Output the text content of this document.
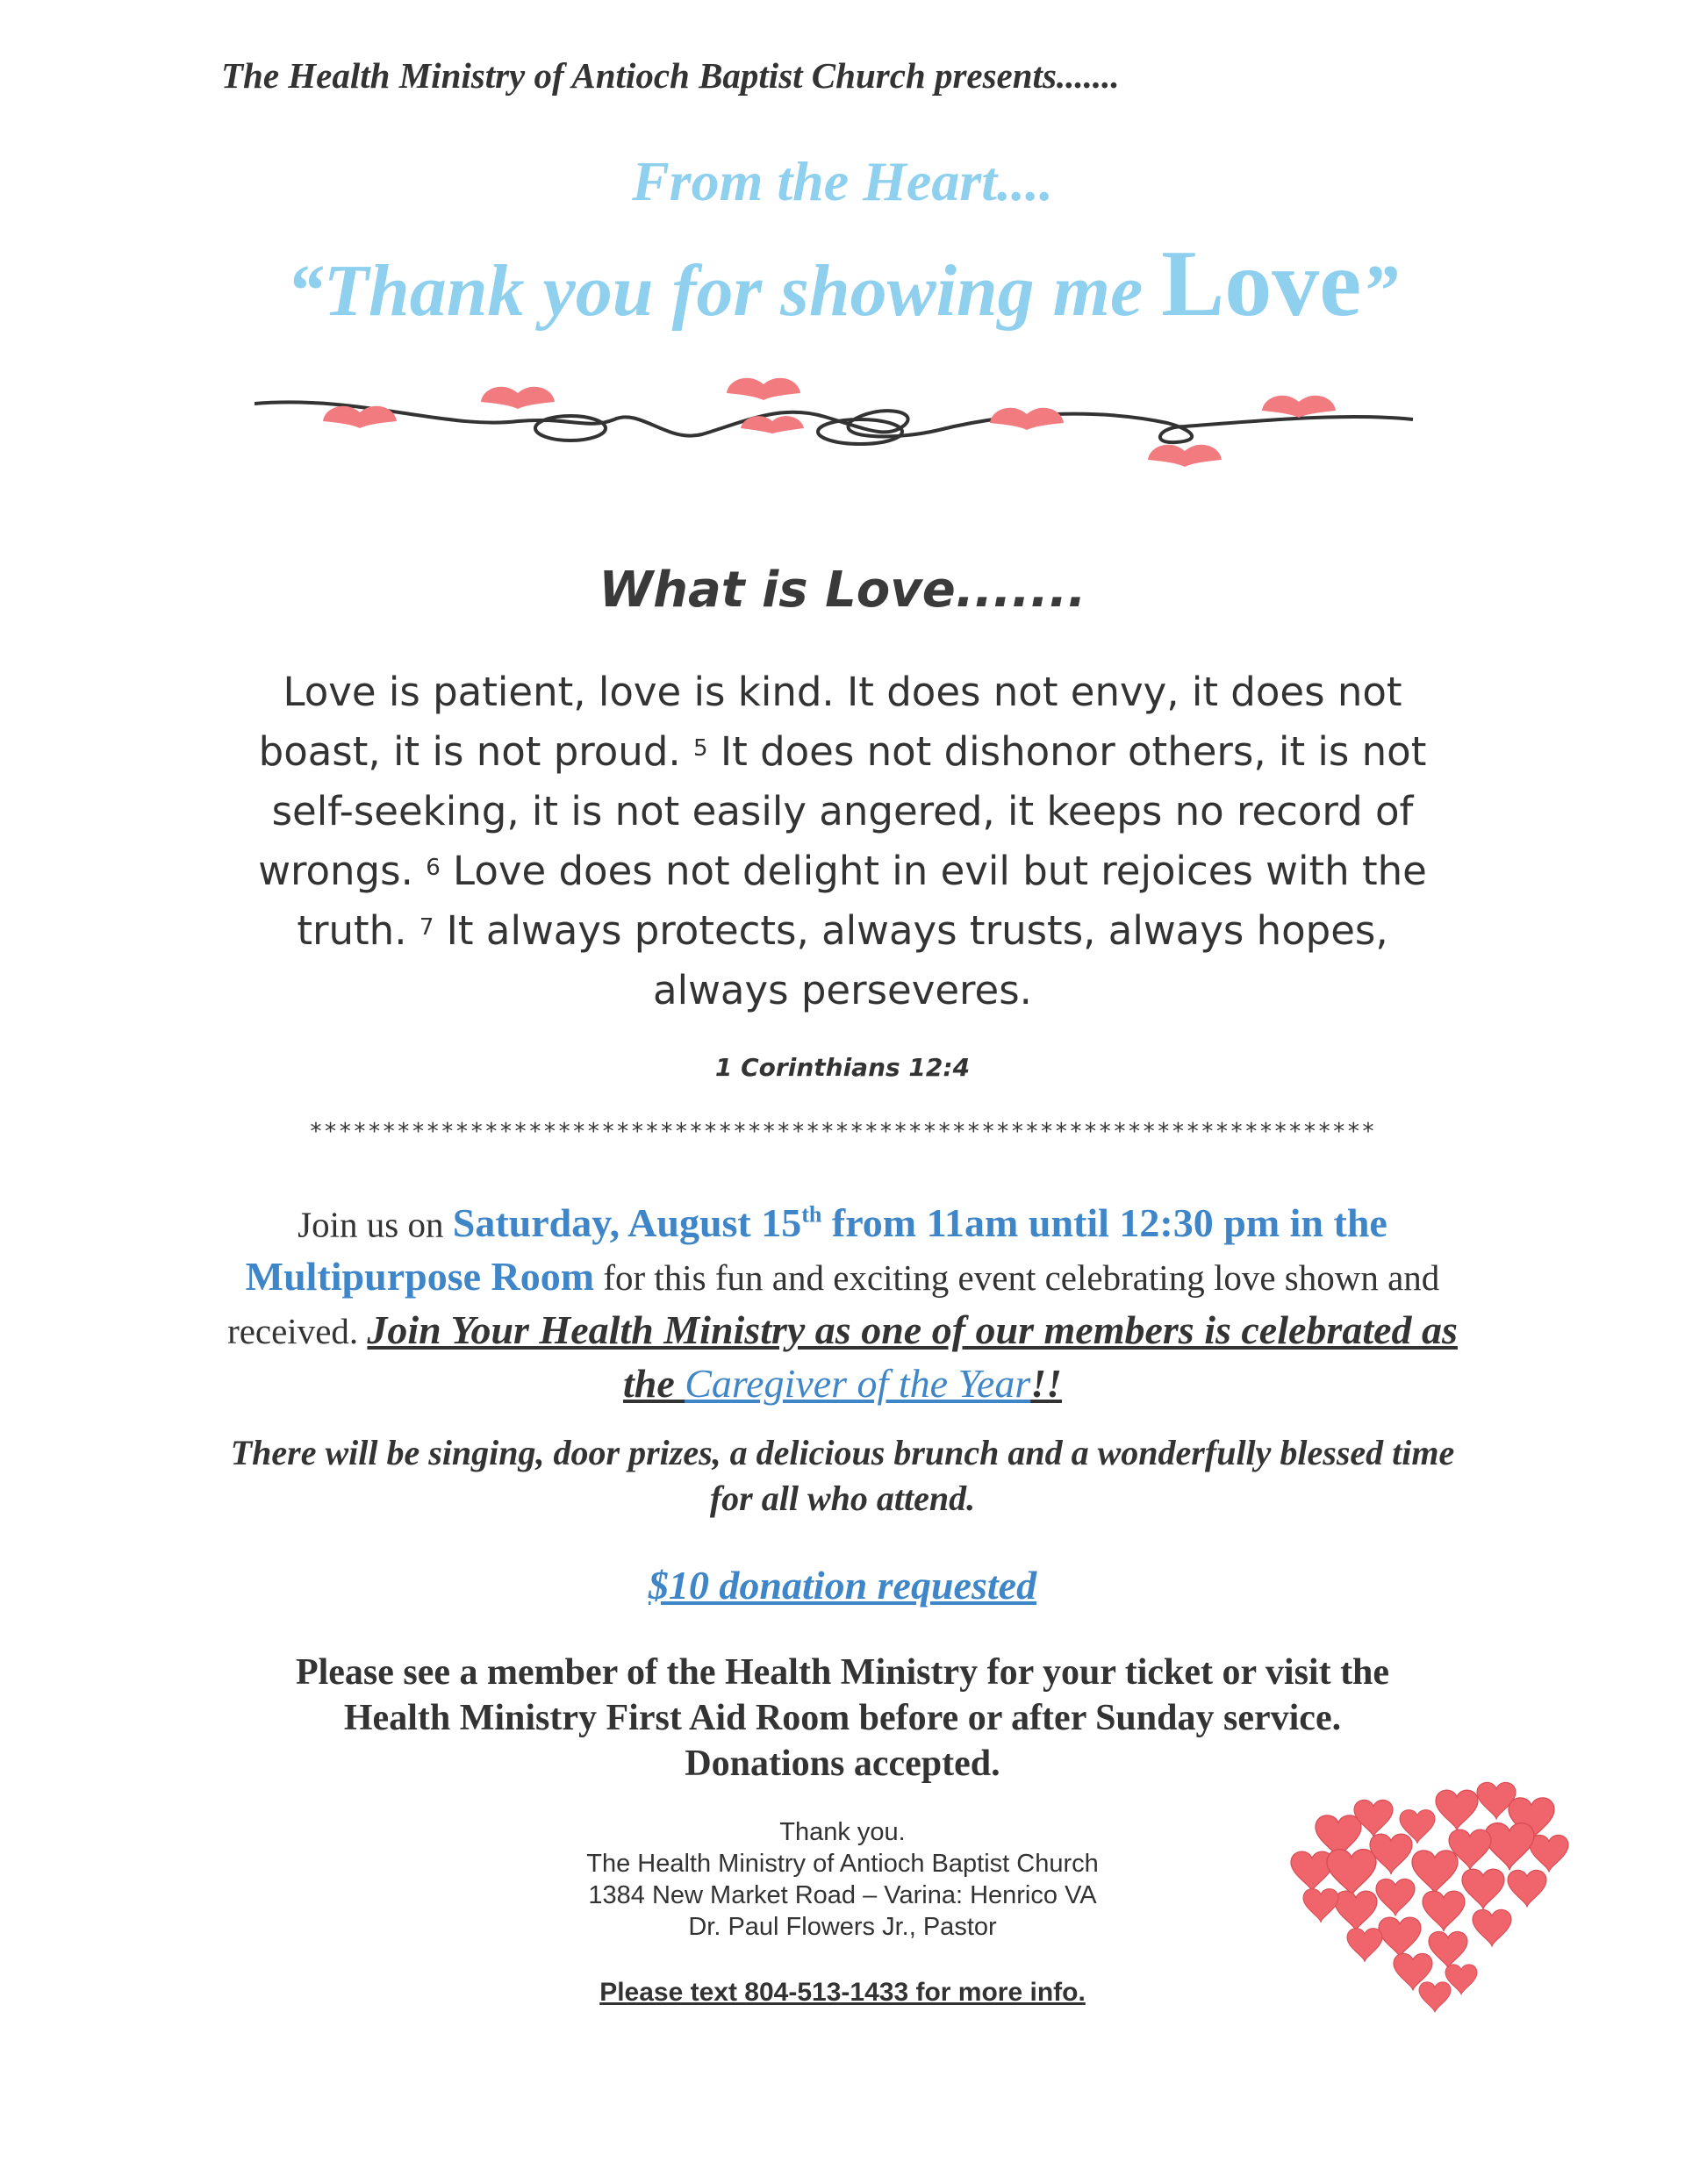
The Health Ministry of Antioch Baptist Church presents.......
From the Heart....
“Thank you for showing me Love”
What is Love.......
Love is patient, love is kind. It does not envy, it does not boast, it is not proud. $^5$ It does not dishonor others, it is not self-seeking, it is not easily angered, it keeps no record of wrongs. $^6$ Love does not delight in evil but rejoices with the truth. $^7$ It always protects, always trusts, always hopes, always perseveres.
1 Corinthians 12:4
*************************************************************************
Join us on Saturday, August 15th from 11am until 12:30 pm in the Multipurpose Room for this fun and exciting event celebrating love shown and received. Join Your Health Ministry as one of our members is celebrated as the Caregiver of the Year!!
There will be singing, door prizes, a delicious brunch and a wonderfully blessed time for all who attend.
$10 donation requested
Please see a member of the Health Ministry for your ticket or visit the
Health Ministry First Aid Room before or after Sunday service.
Donations accepted.
Thank you.
The Health Ministry of Antioch Baptist Church
1384 New Market Road – Varina: Henrico VA
Dr. Paul Flowers Jr., Pastor
Please text 804-513-1433 for more info.
